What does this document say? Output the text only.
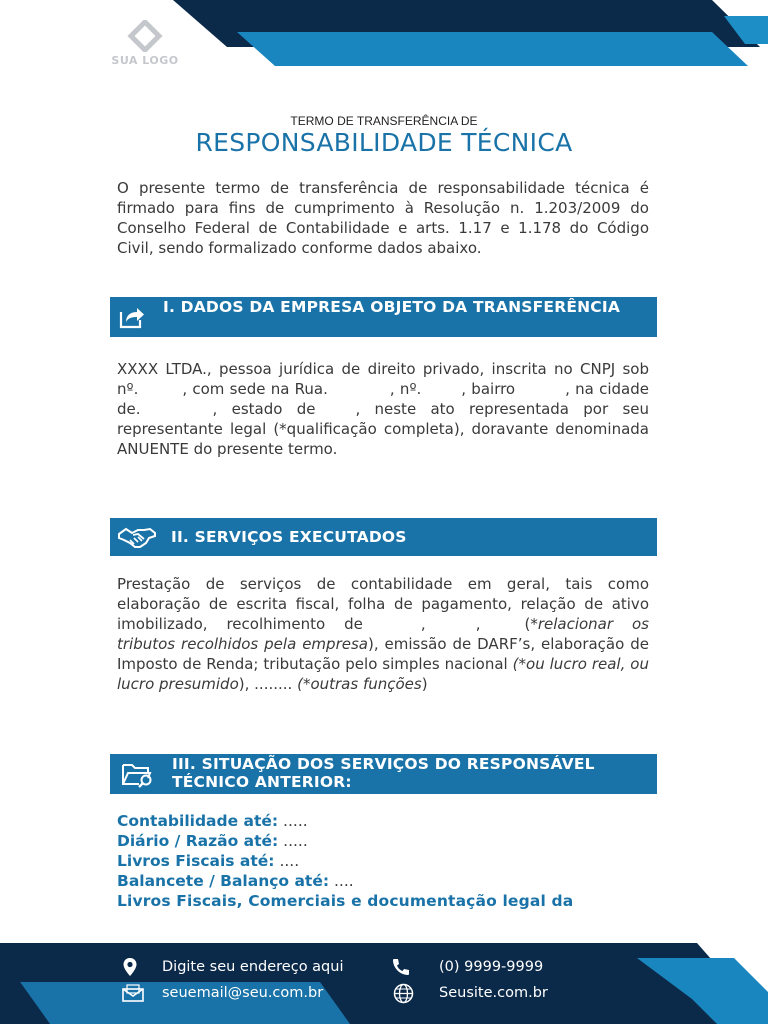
SUA LOGO
TERMO DE TRANSFERÊNCIA DE
RESPONSABILIDADE TÉCNICA
O presente termo de transferência de responsabilidade técnica é firmado para fins de cumprimento à Resolução n. 1.203/2009 do Conselho Federal de Contabilidade e arts. 1.17 e 1.178 do Código Civil, sendo formalizado conforme dados abaixo.
I. DADOS DA EMPRESA OBJETO DA TRANSFERÊNCIA
XXXX LTDA., pessoa jurídica de direito privado, inscrita no CNPJ sob nº.	, com sede na Rua.	, nº.	, bairro	, na cidade de.	, estado de	, neste ato representada por seu representante legal (*qualificação completa), doravante denominada ANUENTE do presente termo.
II. SERVIÇOS EXECUTADOS
Prestação de serviços de contabilidade em geral, tais como elaboração de escrita fiscal, folha de pagamento, relação de ativo imobilizado, recolhimento de	,	,	(*relacionar os tributos recolhidos pela empresa), emissão de DARF’s, elaboração de Imposto de Renda; tributação pelo simples nacional (*ou lucro real, ou lucro presumido), ........ (*outras funções)
III. SITUAÇÃO DOS SERVIÇOS DO RESPONSÁVEL TÉCNICO ANTERIOR:
Contabilidade até: .....
Diário / Razão até: .....
Livros Fiscais até: ....
Balancete / Balanço até: ....
Livros Fiscais, Comerciais e documentação legal da
Digite seu endereço aqui	(0) 9999-9999
seuemail@seu.com.br	Seusite.com.br
